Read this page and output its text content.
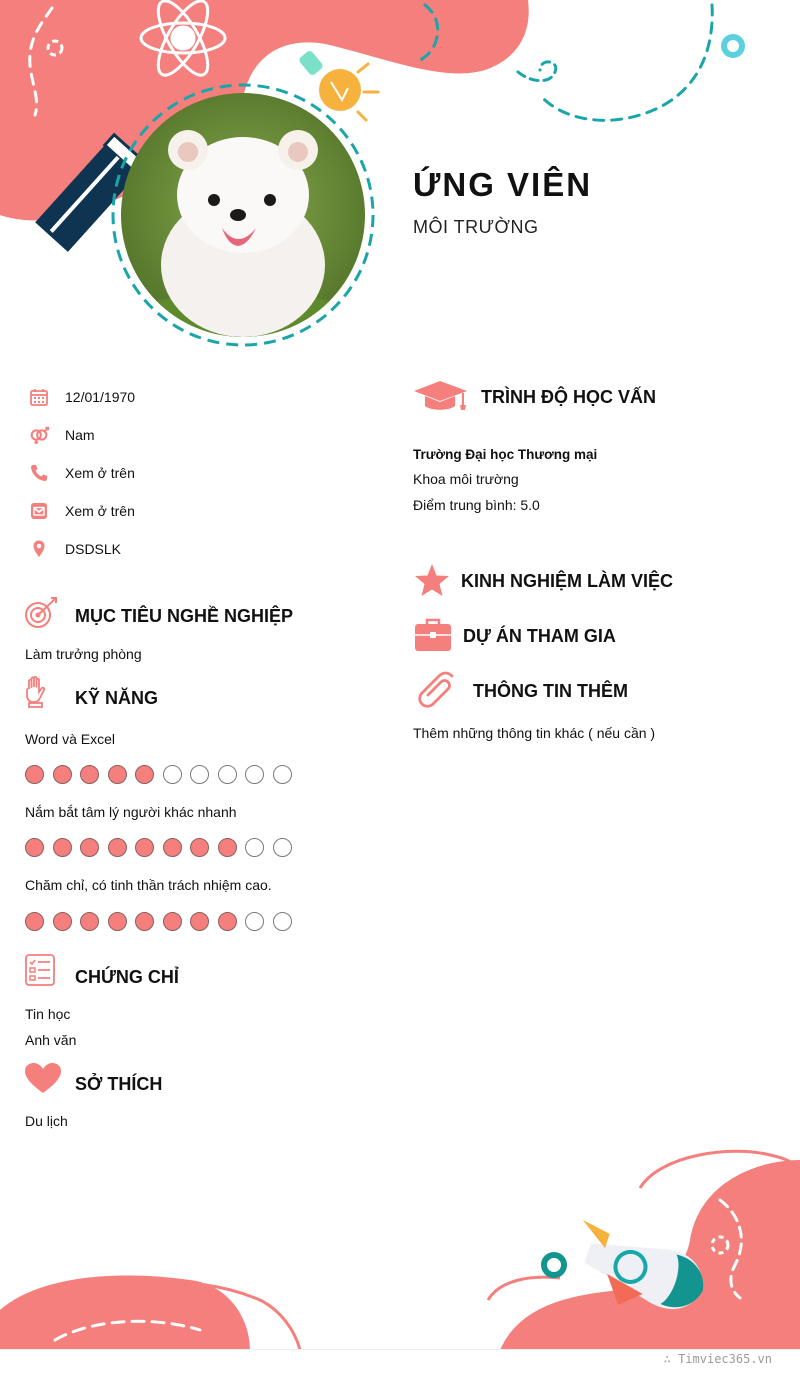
ỨNG VIÊN
MÔI TRƯỜNG
12/01/1970
Nam
Xem ở trên
Xem ở trên
DSDSLK
MỤC TIÊU NGHỀ NGHIỆP
Làm trưởng phòng
KỸ NĂNG
Word và Excel
Nắm bắt tâm lý người khác nhanh
Chăm chỉ, có tinh thần trách nhiệm cao.
CHỨNG CHỈ
Tin học
Anh văn
SỞ THÍCH
Du lịch
TRÌNH ĐỘ HỌC VẤN
Trường Đại học Thương mại
Khoa môi trường
Điểm trung bình: 5.0
KINH NGHIỆM LÀM VIỆC
DỰ ÁN THAM GIA
THÔNG TIN THÊM
Thêm những thông tin khác ( nếu cần )
∴ Timviec365.vn
